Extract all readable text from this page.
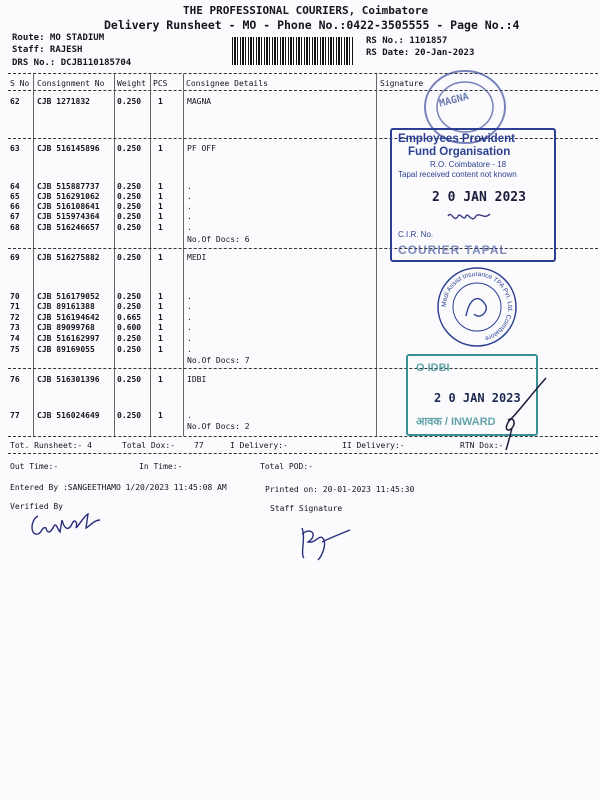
THE PROFESSIONAL COURIERS, Coimbatore
Delivery Runsheet - MO - Phone No.:0422-3505555 - Page No.:4
Route: MO STADIUM
Staff: RAJESH
DRS No.: DCJB110185704
RS No.: 1101857
RS Date: 20-Jan-2023
S No Consignment No Weight PCS Consignee Details	Signature
62 CJB 1271832	0.250 1	MAGNA
63 CJB 516145896 0.250 1	PF OFF
64 CJB 515887737 0.250 1	.
65 CJB 516291062 0.250 1	.
66 CJB 516108641 0.250 1	.
67 CJB 515974364 0.250 1	.
68 CJB 516246657 0.250 1	.
No.Of Docs: 6
69 CJB 516275882 0.250 1	MEDI
70 CJB 516179052 0.250 1	.
71 CJB 89161388	0.250 1	.
72 CJB 516194642 0.665 1	.
73 CJB 89099768	0.600 1	.
74 CJB 516162997 0.250 1	.
75 CJB 89169055	0.250 1	.
No.Of Docs: 7
76 CJB 516301396 0.250 1	IDBI
77 CJB 516024649 0.250 1	.
No.Of Docs: 2
Tot. Runsheet:- 4	Total Dox:- 77	I Delivery:-	II Delivery:-	RTN Dox:-
Out Time:-	In Time:-	Total POD:-
Entered By :SANGEETHAMO 1/20/2023 11:45:08 AM	Printed on: 20-01-2023 11:45:30
Verified By	Staff Signature
MAGNA
Employees Provident
Fund Organisation
R.O. Coimbatore - 18
Tapal received content not known
2 0 JAN 2023
C.I.R. No.
COURIER TAPAL
Medi Assist Insurance TPA Pvt. Ltd. Coimbatore
O IDBI
2 0 JAN 2023
आवक / INWARD
